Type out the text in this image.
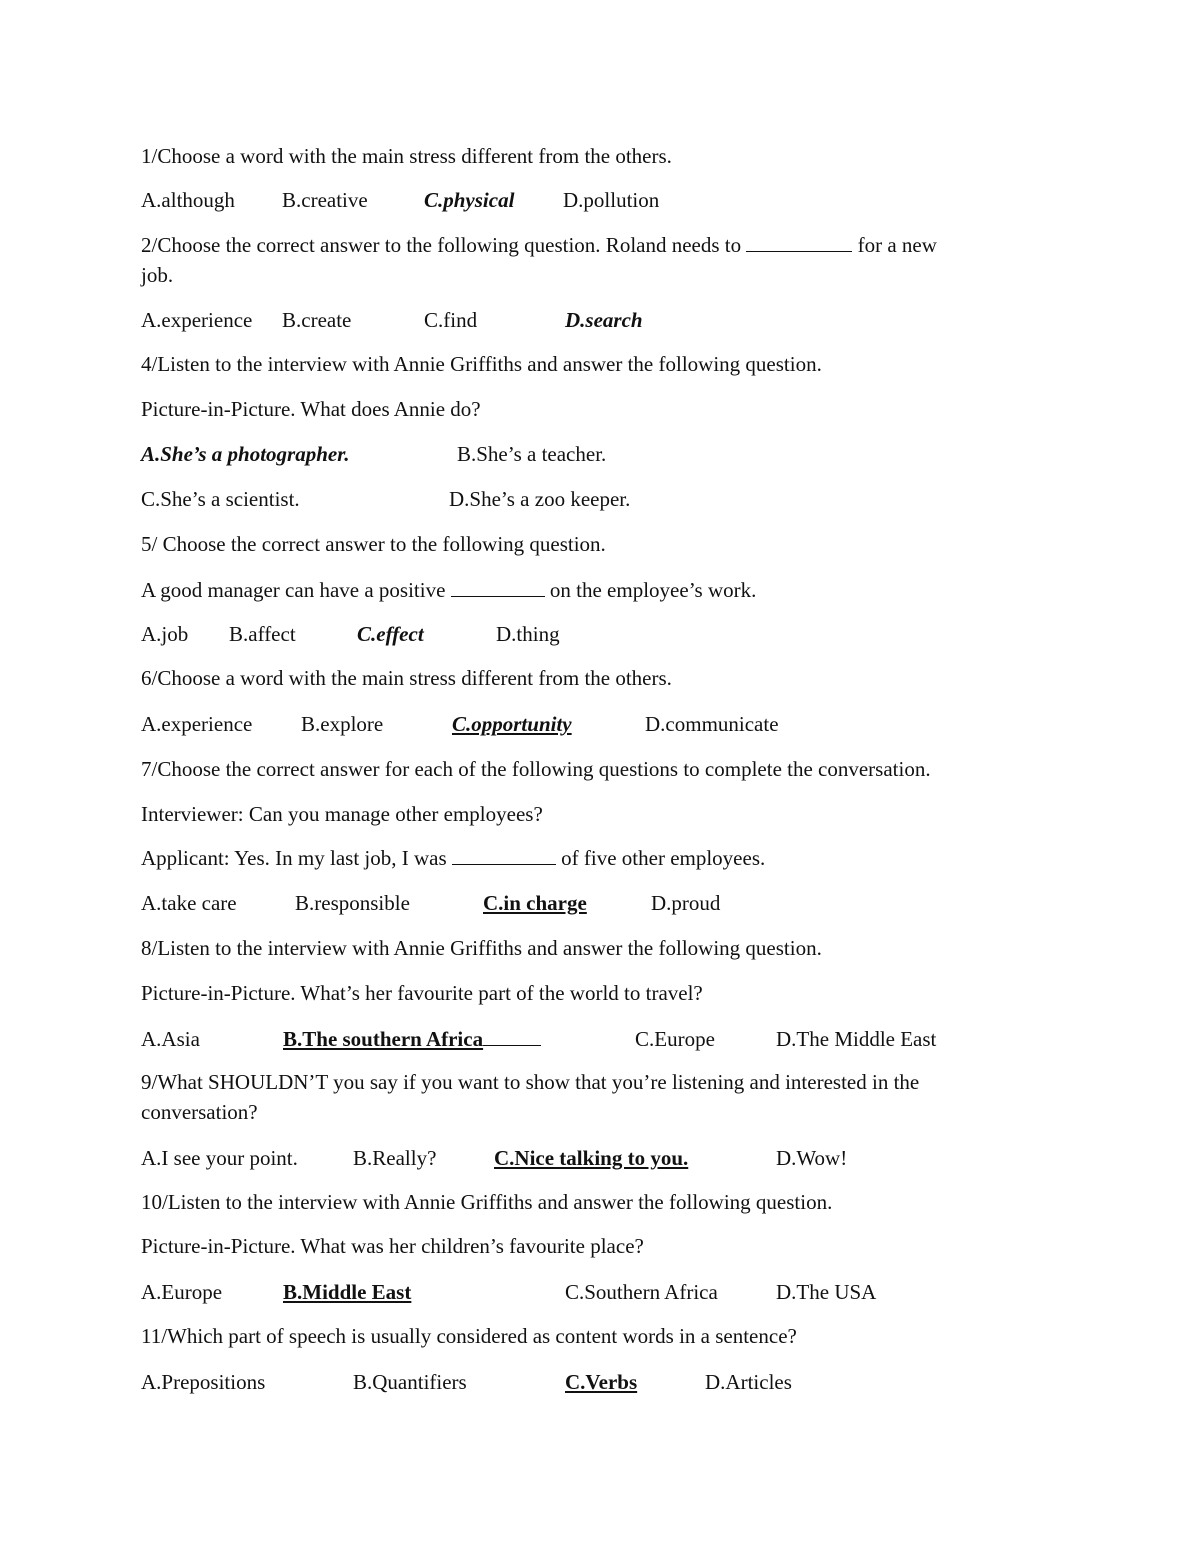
1/Choose a word with the main stress different from the others.
A.although B.creative	C.physical D.pollution
2/Choose the correct answer to the following question. Roland needs to	for a new
job.
A.experience B.create	C.find	D.search
4/Listen to the interview with Annie Griffiths and answer the following question.
Picture-in-Picture. What does Annie do?
A.She’s a photographer.	B.She’s a teacher.
C.She’s a scientist.	D.She’s a zoo keeper.
5/ Choose the correct answer to the following question.
A good manager can have a positive	on the employee’s work.
A.job B.affect	C.effect	D.thing
6/Choose a word with the main stress different from the others.
A.experience B.explore	C.opportunity	D.communicate
7/Choose the correct answer for each of the following questions to complete the conversation.
Interviewer: Can you manage other employees?
Applicant: Yes. In my last job, I was	of five other employees.
A.take care	B.responsible	C.in charge	D.proud
8/Listen to the interview with Annie Griffiths and answer the following question.
Picture-in-Picture. What’s her favourite part of the world to travel?
A.Asia	B.The southern Africa	C.Europe	D.The Middle East
9/What SHOULDN’T you say if you want to show that you’re listening and interested in the conversation?
A.I see your point.	B.Really?	C.Nice talking to you.	D.Wow!
10/Listen to the interview with Annie Griffiths and answer the following question.
Picture-in-Picture. What was her children’s favourite place?
A.Europe	B.Middle East	C.Southern Africa	D.The USA
11/Which part of speech is usually considered as content words in a sentence?
A.Prepositions	B.Quantifiers	C.Verbs	D.Articles
